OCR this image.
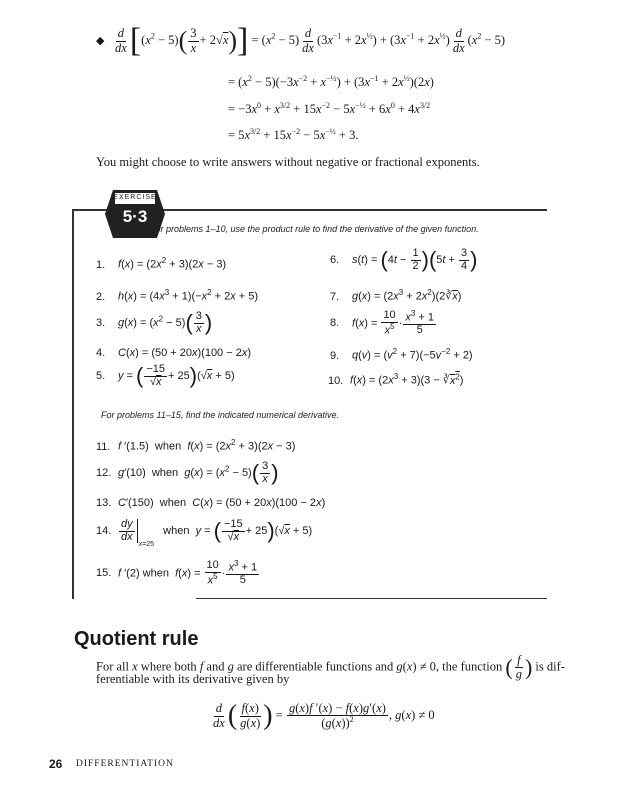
◆ $\frac{d}{dx} [(x^2 - 5)( \frac{3}{x} + 2√x)] = (x^2 - 5) \frac{d}{dx} (3x^{-1} + 2x^{\frac{1}{2}}) + (3x^{-1} + 2x^{\frac{1}{2}}) \frac{d}{dx} (x^2 - 5)$
= $(x^2 - 5)(-3x^{-2} + x^{-\frac{1}{2}}) + (3x^{-1} + 2x^{\frac{1}{2}})(2x)$
= $-3x^0 + x^{3/2} + 15x^{-2} - 5x^{-\frac{1}{2}} + 6x^0 + 4x^{3/2}$
= $5x^{3/2} + 15x^{-2} - 5x^{-\frac{1}{2}} + 3$.
You might choose to write answers without negative or fractional exponents.
EXERCISE
5·3
For problems 1–10, use the product rule to find the derivative of the given function.
1. $f(x) = (2x^2 + 3)(2x - 3)$
2. $h(x) = (4x^3 + 1)(-x^2 + 2x + 5)$
3. $g(x) = (x^2 - 5)( \frac{3}{x}$ )
4. C(x) = (50 + 20x)(100 − 2x)
5. y = ( $\frac{-15}{√x} + 25)(√x + 5)$
6. $s(t) = (4t - \frac{1}{2} )(5t + \frac{3}{4}$ )
7. $g(x) = (2x^3$ + $2x^2)(2∛\overline{x})$
8. $f(x) = \frac{10}{x^5} \cdot \frac{x^3 + 1}{5}$
9. $q(v) = (v^2 + 7)(-5v^{-2} + 2)$
10. $f(x) = (2x^3 + 3)(3$ − $∛x^2$)
For problems 11–15, find the indicated numerical derivative.
11. f ′(1.5)  when  $f(x) = (2x^2 + 3)(2x - 3)$
12. g′(10)  when  $g(x) = (x^2 - 5)( \frac{3}{x}$ )
13. C′(150)  when  C(x) = (50 + 20x)(100 − 2x)
14. $\frac{dy}{dx}$
$_{x=25}$   when  y = ( $\frac{-15}{√x} + 25)(√x + 5)$
15. f ′(2) when  $f(x) = \frac{10}{x^5} \cdot \frac{x^3 + 1}{5}$
Quotient rule
For all x where both f and g are differentiable functions and g(x) ≠ 0, the function ( $\frac{f}{g}$ ) is dif-
ferentiable with its derivative given by
$\frac{d}{dx}$ ( $\frac{f(x)}{g(x)}$ ) = $\frac{g(x)f '(x) - f(x)g'(x)}{(g(x))^2}$ , g(x) ≠ 0
26 DIFFERENTIATION
